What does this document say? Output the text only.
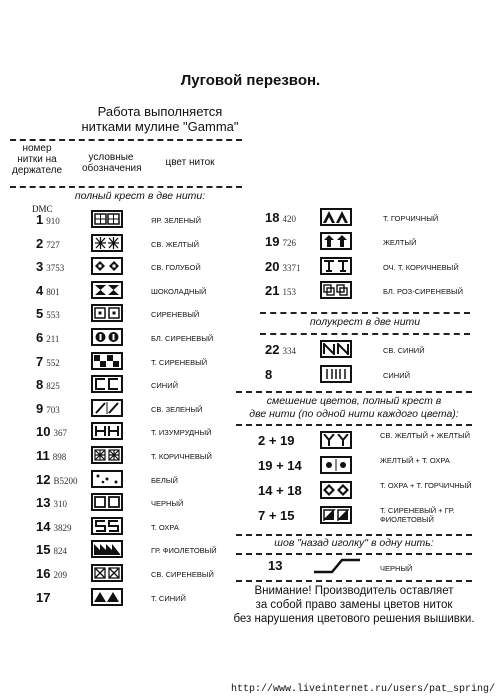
Луговой перезвон.
Работа выполняется
нитками мулине "Gamma"
номер нитки на держателе
условные обозначения
цвет ниток
полный крест в две нити:
DMC
1 910	ЯР. ЗЕЛЕНЫЙ
2 727	СВ. ЖЕЛТЫЙ
3 3753	СВ. ГОЛУБОЙ
4 801	ШОКОЛАДНЫЙ
5 553	СИРЕНЕВЫЙ
6 211	БЛ. СИРЕНЕВЫЙ
7 552	Т. СИРЕНЕВЫЙ
8 825	СИНИЙ
9 703	СВ. ЗЕЛЕНЫЙ
10 367	Т. ИЗУМРУДНЫЙ
11 898	Т. КОРИЧНЕВЫЙ
12 B5200	БЕЛЫЙ
13 310	ЧЕРНЫЙ
14 3829	Т. ОХРА
15 824	ГР. ФИОЛЕТОВЫЙ
16 209	СВ. СИРЕНЕВЫЙ
17	Т. СИНИЙ
18 420	Т. ГОРЧИЧНЫЙ
19 726	ЖЕЛТЫЙ
20 3371	ОЧ. Т. КОРИЧНЕВЫЙ
21 153	БЛ. РОЗ-СИРЕНЕВЫЙ
22 334	СВ. СИНИЙ
8	СИНИЙ
2 + 19	СВ. ЖЕЛТЫЙ + ЖЕЛТЫЙ
19 + 14	ЖЕЛТЫЙ + Т. ОХРА
14 + 18	Т. ОХРА + Т. ГОРЧИЧНЫЙ
7 + 15	Т. СИРЕНЕВЫЙ + ГР. ФИОЛЕТОВЫЙ
полукрест в две нити
смешение цветов, полный крест в
две нити (по одной нити каждого цвета):
шов "назад иголку" в одну нить:
13	ЧЕРНЫЙ
Внимание! Производитель оставляет
за собой право замены цветов ниток
без нарушения цветового решения вышивки.
http://www.liveinternet.ru/users/pat_spring/
